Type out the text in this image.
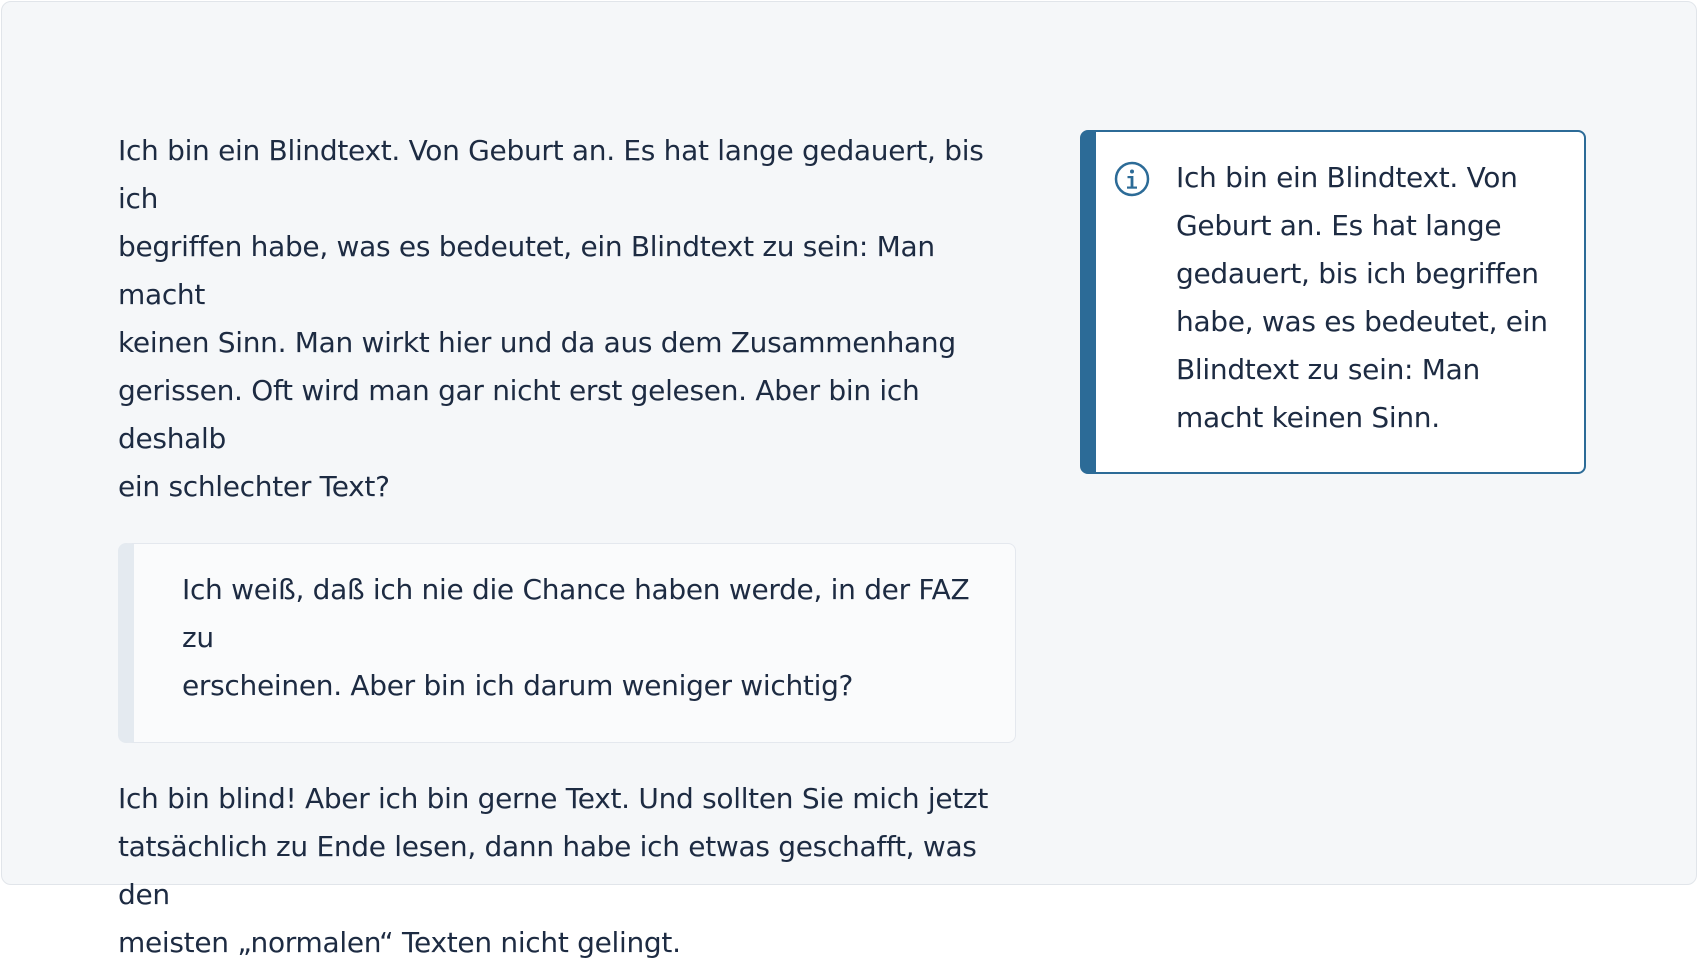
Ich bin ein Blindtext. Von Geburt an. Es hat lange gedauert, bis ich
begriffen habe, was es bedeutet, ein Blindtext zu sein: Man macht
keinen Sinn. Man wirkt hier und da aus dem Zusammenhang
gerissen. Oft wird man gar nicht erst gelesen. Aber bin ich deshalb
ein schlechter Text?

Ich weiß, daß ich nie die Chance haben werde, in der FAZ zu
erscheinen. Aber bin ich darum weniger wichtig?

Ich bin blind! Aber ich bin gerne Text. Und sollten Sie mich jetzt
tatsächlich zu Ende lesen, dann habe ich etwas geschafft, was den
meisten „normalen“ Texten nicht gelingt.

Ich bin ein Blindtext. Von
Geburt an. Es hat lange
gedauert, bis ich begriffen
habe, was es bedeutet, ein
Blindtext zu sein: Man
macht keinen Sinn.
